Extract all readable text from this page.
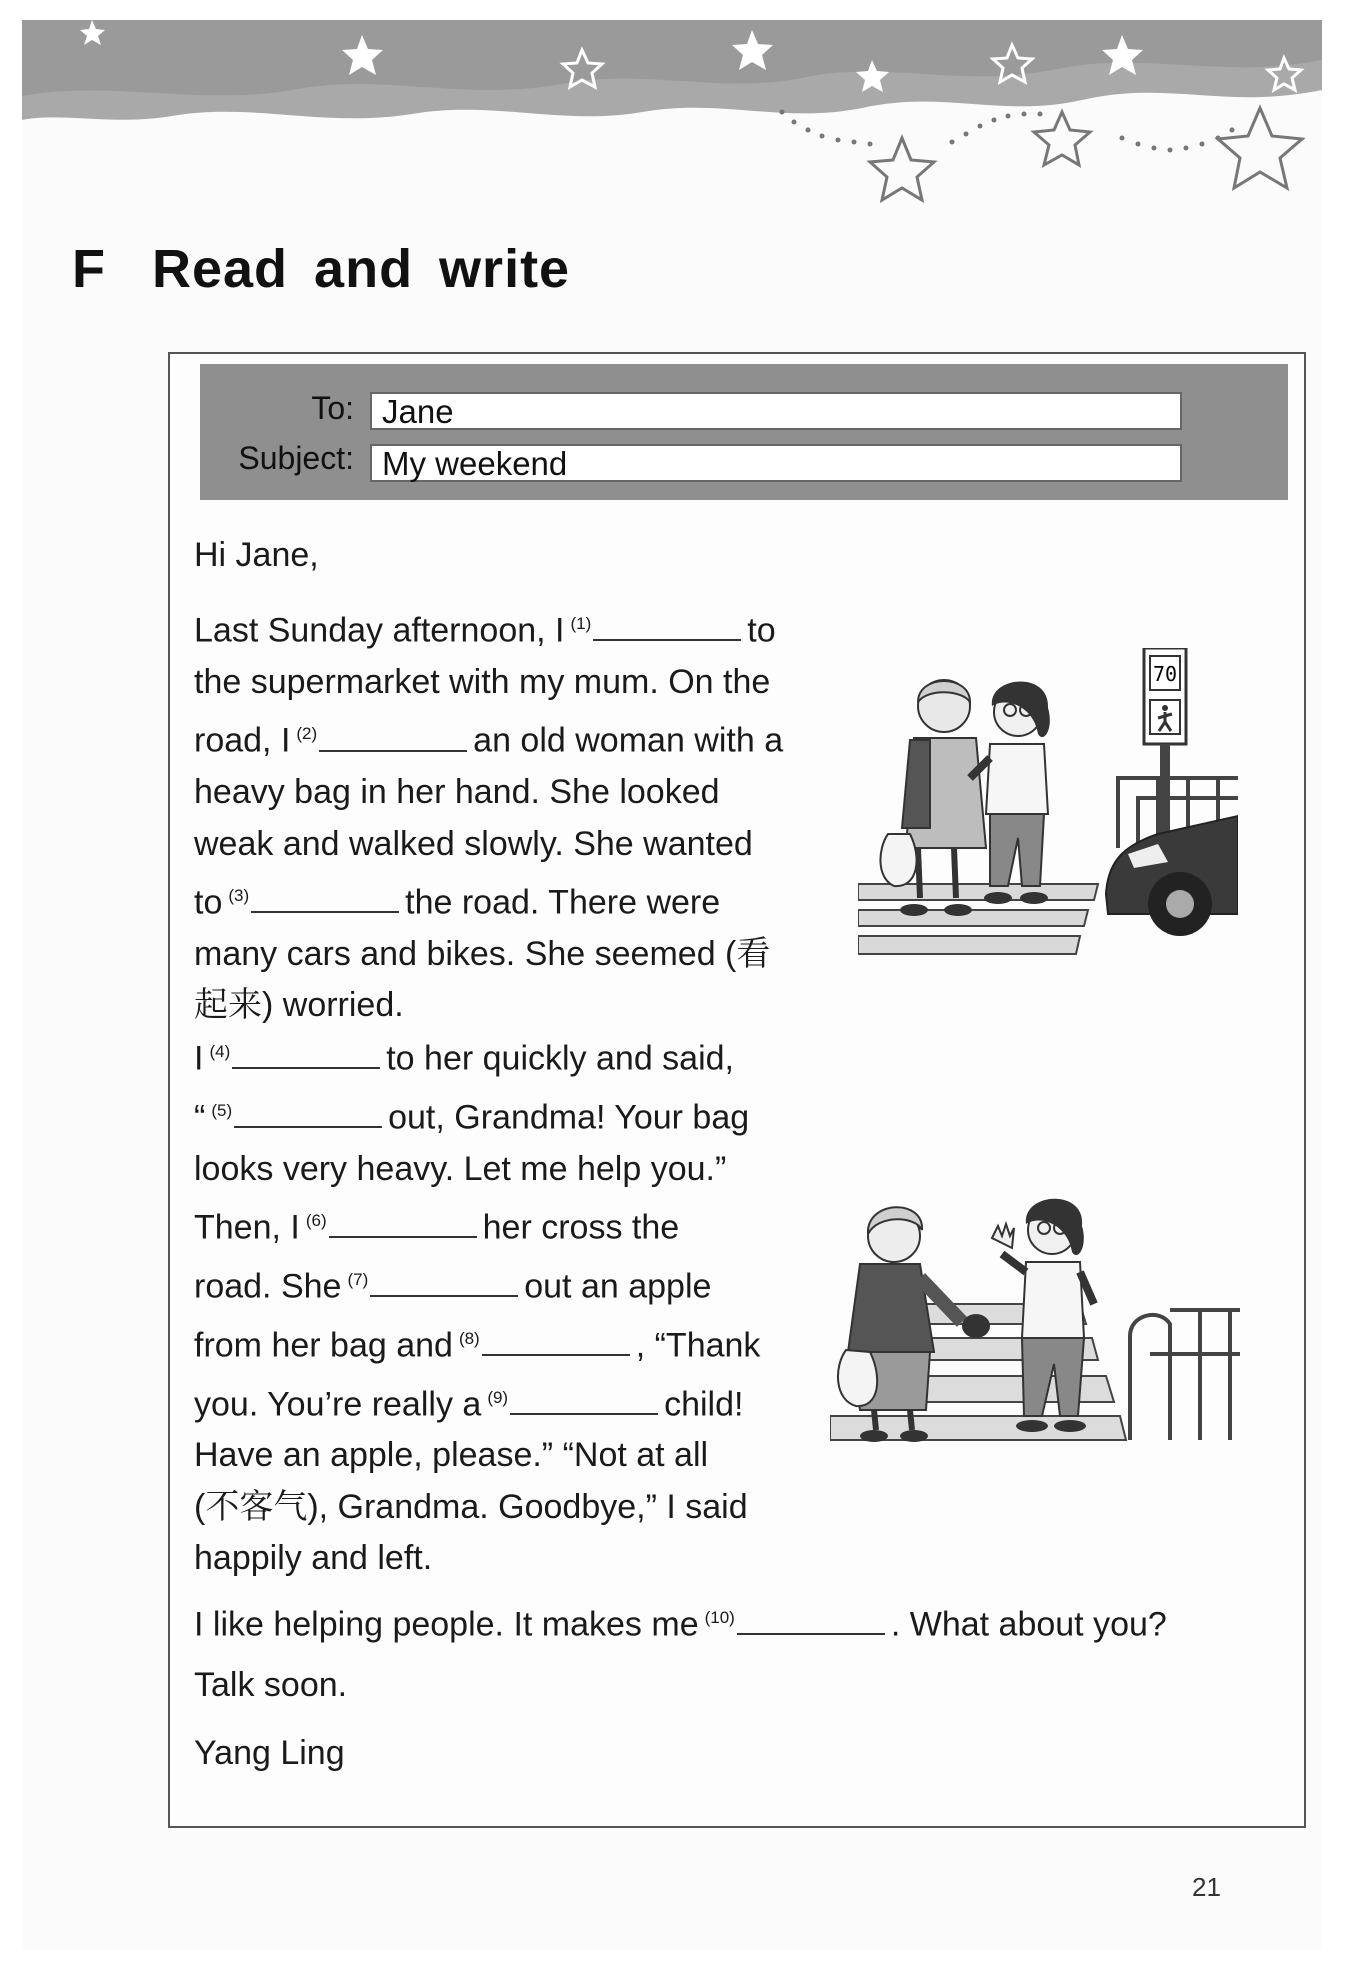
F Read and write
To: Jane
Subject: My weekend
Hi Jane,
Last Sunday afternoon, I $^{(1)}$	to
the supermarket with my mum. On the
road, I $^{(2)}$	an old woman with a
heavy bag in her hand. She looked
weak and walked slowly. She wanted
to $^{(3)}$	the road. There were
many cars and bikes. She seemed (看
起来) worried.
I $^{(4)}$	to her quickly and said,
“ $^{(5)}$	out, Grandma! Your bag
looks very heavy. Let me help you.”
Then, I $^{(6)}$	her cross the
road. She $^{(7)}$	out an apple
from her bag and $^{(8)}$	, “Thank
you. You’re really a $^{(9)}$	child!
Have an apple, please.” “Not at all
(不客气), Grandma. Goodbye,” I said
happily and left.
I like helping people. It makes me $^{(10)}$	. What about you?
Talk soon.
Yang Ling
70
21
